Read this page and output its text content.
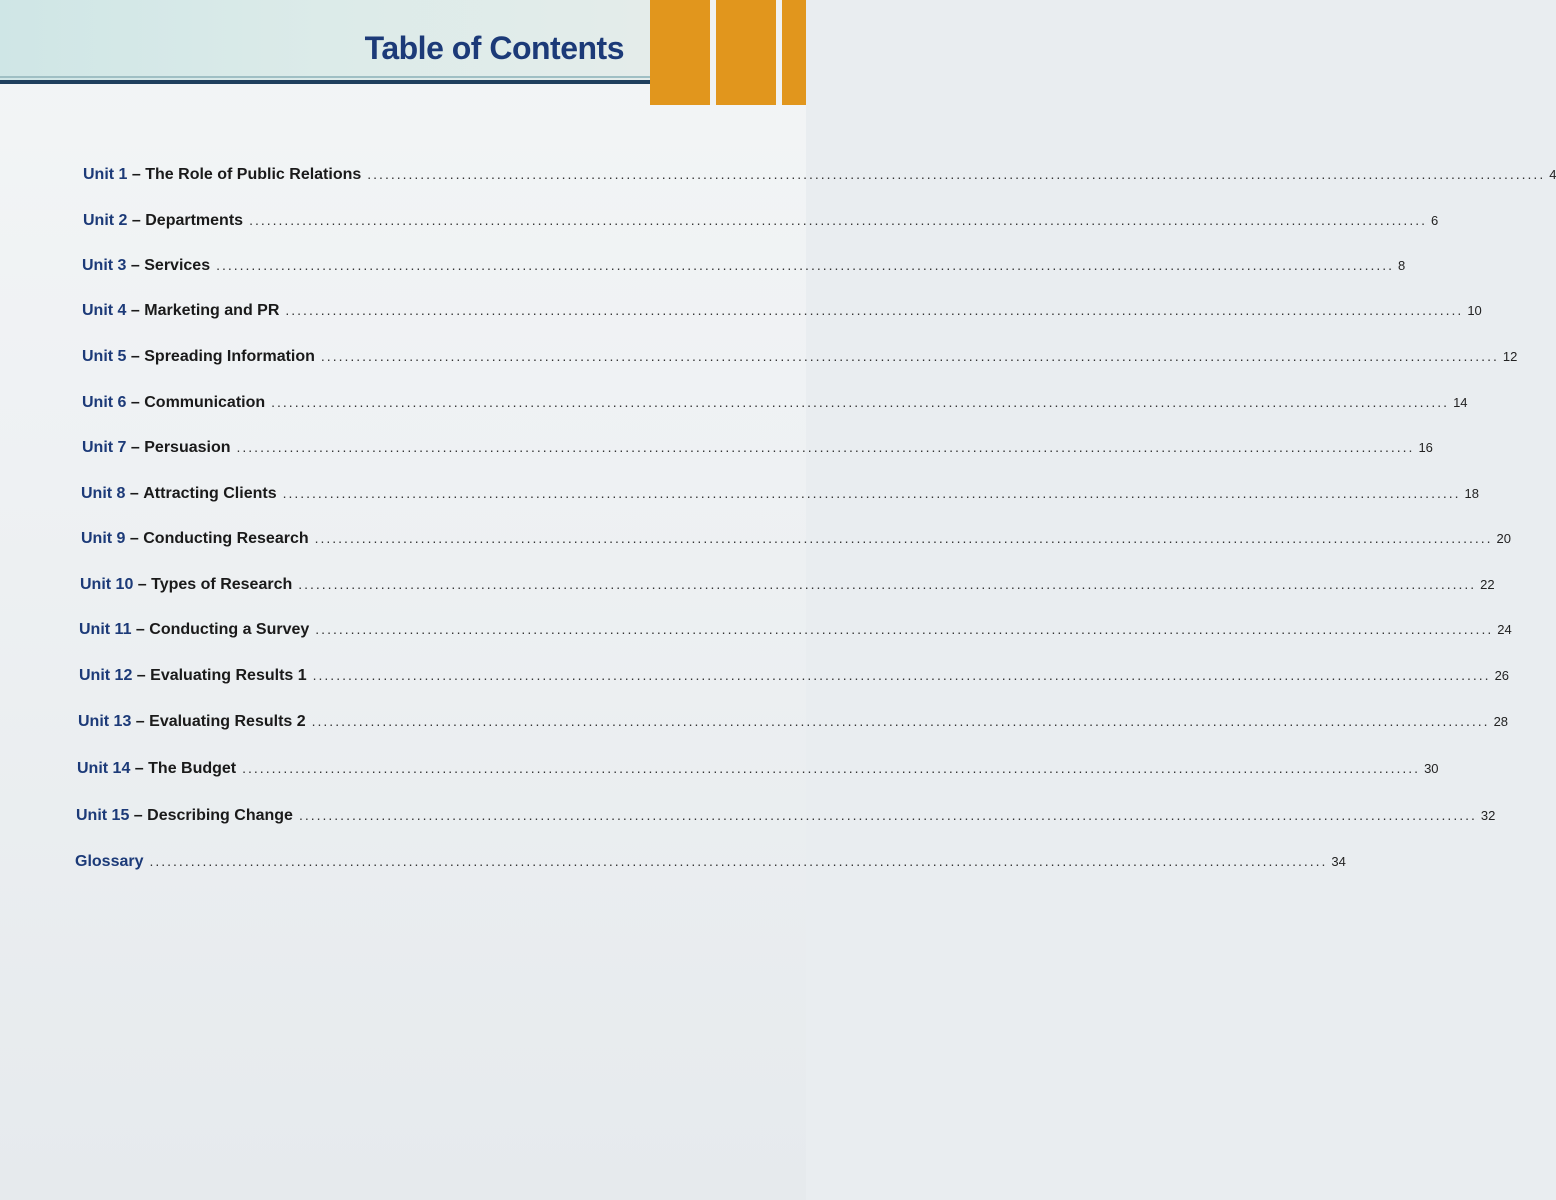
Table of Contents
Unit 1 – The Role of Public Relations ........................................................................................................................................................................................................ 4
Unit 2 – Departments ........................................................................................................................................................................................................ 6
Unit 3 – Services ........................................................................................................................................................................................................ 8
Unit 4 – Marketing and PR ........................................................................................................................................................................................................ 10
Unit 5 – Spreading Information ........................................................................................................................................................................................................ 12
Unit 6 – Communication ........................................................................................................................................................................................................ 14
Unit 7 – Persuasion ........................................................................................................................................................................................................ 16
Unit 8 – Attracting Clients ........................................................................................................................................................................................................ 18
Unit 9 – Conducting Research ........................................................................................................................................................................................................ 20
Unit 10 – Types of Research ........................................................................................................................................................................................................ 22
Unit 11 – Conducting a Survey ........................................................................................................................................................................................................ 24
Unit 12 – Evaluating Results 1 ........................................................................................................................................................................................................ 26
Unit 13 – Evaluating Results 2 ........................................................................................................................................................................................................ 28
Unit 14 – The Budget ........................................................................................................................................................................................................ 30
Unit 15 – Describing Change ........................................................................................................................................................................................................ 32
Glossary ........................................................................................................................................................................................................ 34
